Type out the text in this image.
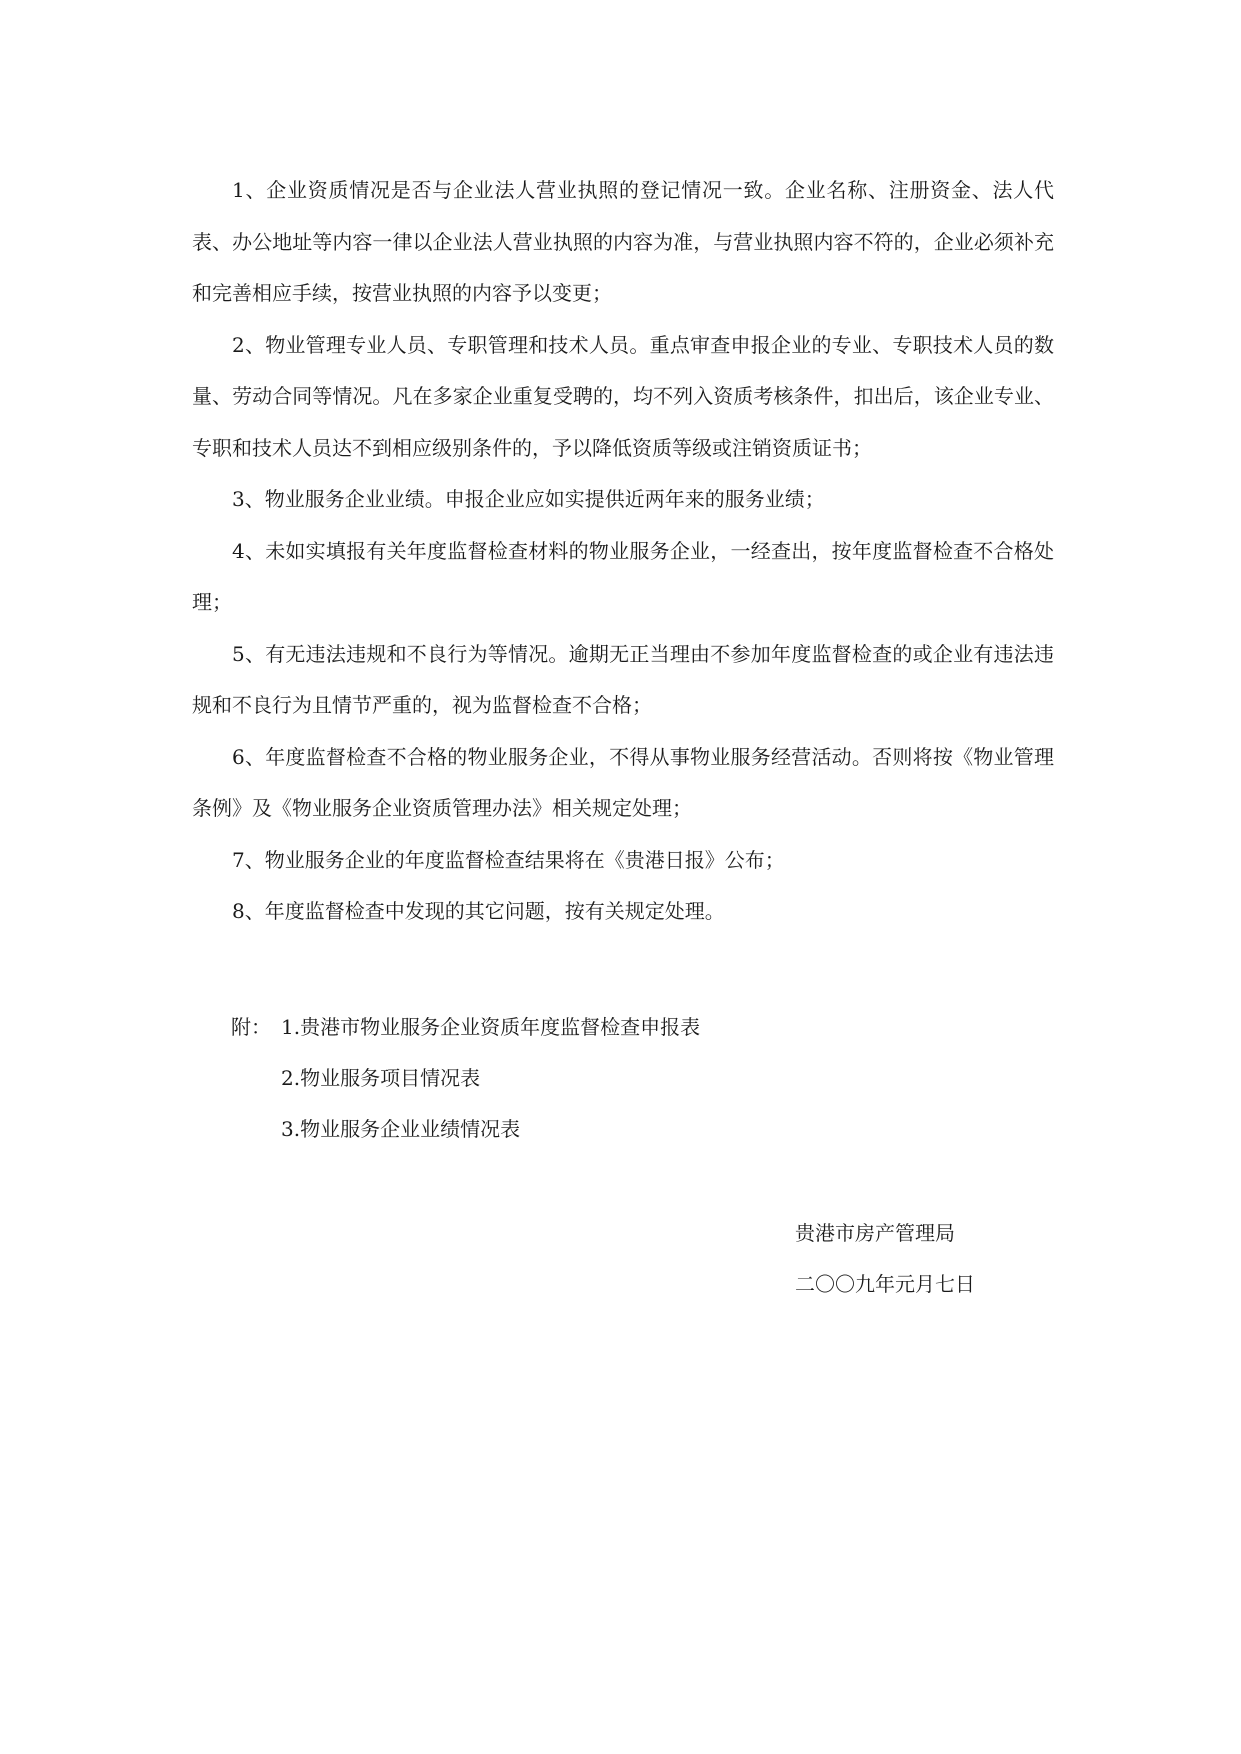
1、企业资质情况是否与企业法人营业执照的登记情况一致。企业名称、注册资金、法人代表、办公地址等内容一律以企业法人营业执照的内容为准，与营业执照内容不符的，企业必须补充和完善相应手续，按营业执照的内容予以变更；

2、物业管理专业人员、专职管理和技术人员。重点审查申报企业的专业、专职技术人员的数量、劳动合同等情况。凡在多家企业重复受聘的，均不列入资质考核条件，扣出后，该企业专业、专职和技术人员达不到相应级别条件的，予以降低资质等级或注销资质证书；

3、物业服务企业业绩。申报企业应如实提供近两年来的服务业绩；

4、未如实填报有关年度监督检查材料的物业服务企业，一经查出，按年度监督检查不合格处理；

5、有无违法违规和不良行为等情况。逾期无正当理由不参加年度监督检查的或企业有违法违规和不良行为且情节严重的，视为监督检查不合格；

6、年度监督检查不合格的物业服务企业，不得从事物业服务经营活动。否则将按《物业管理条例》及《物业服务企业资质管理办法》相关规定处理；

7、物业服务企业的年度监督检查结果将在《贵港日报》公布；

8、年度监督检查中发现的其它问题，按有关规定处理。

附： 1.贵港市物业服务企业资质年度监督检查申报表
2.物业服务项目情况表
3.物业服务企业业绩情况表
贵港市房产管理局
二〇〇九年元月七日
